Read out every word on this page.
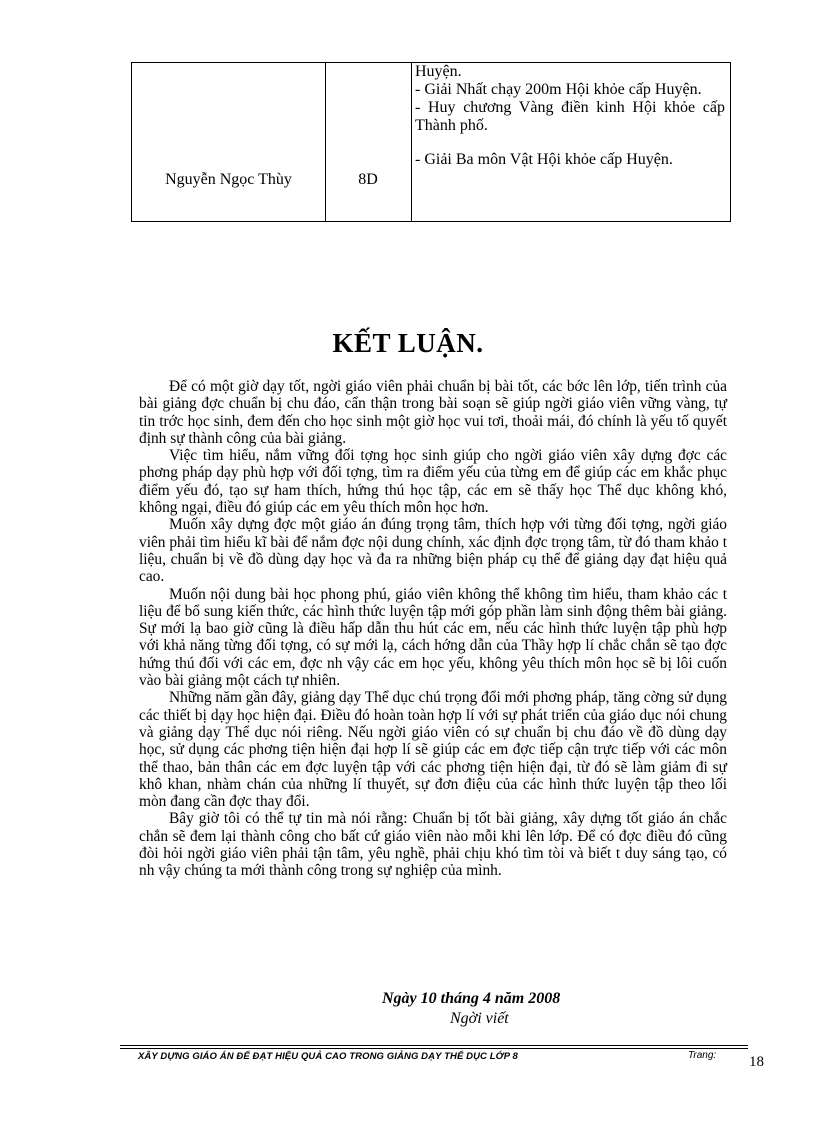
Nguyễn Ngọc Thùy	8D
Huyện.
- Giải Nhất chạy 200m Hội khỏe cấp Huyện.
- Huy chương Vàng điền kinh Hội khỏe cấp Thành phố.
- Giải Ba môn Vật Hội khỏe cấp Huyện.
KẾT LUẬN.

Để có một giờ dạy tốt, ngời giáo viên phải chuẩn bị bài tốt, các bớc lên lớp, tiến trình của bài giảng đợc chuẩn bị chu đáo, cẩn thận trong bài soạn sẽ giúp ngời giáo viên vững vàng, tự tin trớc học sinh, đem đến cho học sinh một giờ học vui tơi, thoải mái, đó chính là yếu tố quyết định sự thành công của bài giảng.

Việc tìm hiểu, nắm vững đối tợng học sinh giúp cho ngời giáo viên xây dựng đợc các phơng pháp dạy phù hợp với đối tợng, tìm ra điểm yếu của từng em để giúp các em khắc phục điểm yếu đó, tạo sự ham thích, hứng thú học tập, các em sẽ thấy học Thể dục không khó, không ngại, điều đó giúp các em yêu thích môn học hơn.

Muốn xây dựng đợc một giáo án đúng trọng tâm, thích hợp với từng đối tợng, ngời giáo viên phải tìm hiểu kĩ bài để nắm đợc nội dung chính, xác định đợc trọng tâm, từ đó tham khảo t liệu, chuẩn bị về đồ dùng dạy học và đa ra những biện pháp cụ thể để giảng dạy đạt hiệu quả cao.

Muốn nội dung bài học phong phú, giáo viên không thể không tìm hiểu, tham khảo các t liệu để bổ sung kiến thức, các hình thức luyện tập mới góp phần làm sinh động thêm bài giảng. Sự mới lạ bao giờ cũng là điều hấp dẫn thu hút các em, nếu các hình thức luyện tập phù hợp với khả năng từng đối tợng, có sự mới lạ, cách hớng dẫn của Thầy hợp lí chắc chắn sẽ tạo đợc hứng thú đối với các em, đợc nh vậy các em học yếu, không yêu thích môn học sẽ bị lôi cuốn vào bài giảng một cách tự nhiên.

Những năm gần đây, giảng dạy Thể dục chú trọng đổi mới phơng pháp, tăng cờng sử dụng các thiết bị dạy học hiện đại. Điều đó hoàn toàn hợp lí với sự phát triển của giáo dục nói chung và giảng dạy Thể dục nói riêng. Nếu ngời giáo viên có sự chuẩn bị chu đáo về đồ dùng dạy học, sử dụng các phơng tiện hiện đại hợp lí sẽ giúp các em đợc tiếp cận trực tiếp với các môn thể thao, bản thân các em đợc luyện tập với các phơng tiện hiện đại, từ đó sẽ làm giảm đi sự khô khan, nhàm chán của những lí thuyết, sự đơn điệu của các hình thức luyện tập theo lối mòn đang cần đợc thay đổi.

Bây giờ tôi có thể tự tin mà nói rằng: Chuẩn bị tốt bài giảng, xây dựng tốt giáo án chắc chắn sẽ đem lại thành công cho bất cứ giáo viên nào mỗi khi lên lớp. Để có đợc điều đó cũng đòi hỏi ngời giáo viên phải tận tâm, yêu nghề, phải chịu khó tìm tòi và biết t duy sáng tạo, có nh vậy chúng ta mới thành công trong sự nghiệp của mình.

Ngày 10 tháng 4 năm 2008
Ngời viết
XÂY DỰNG GIÁO ÁN ĐỂ ĐẠT HIỆU QUẢ CAO TRONG GIẢNG DẠY THỂ DỤC LỚP 8	Trang: 18
